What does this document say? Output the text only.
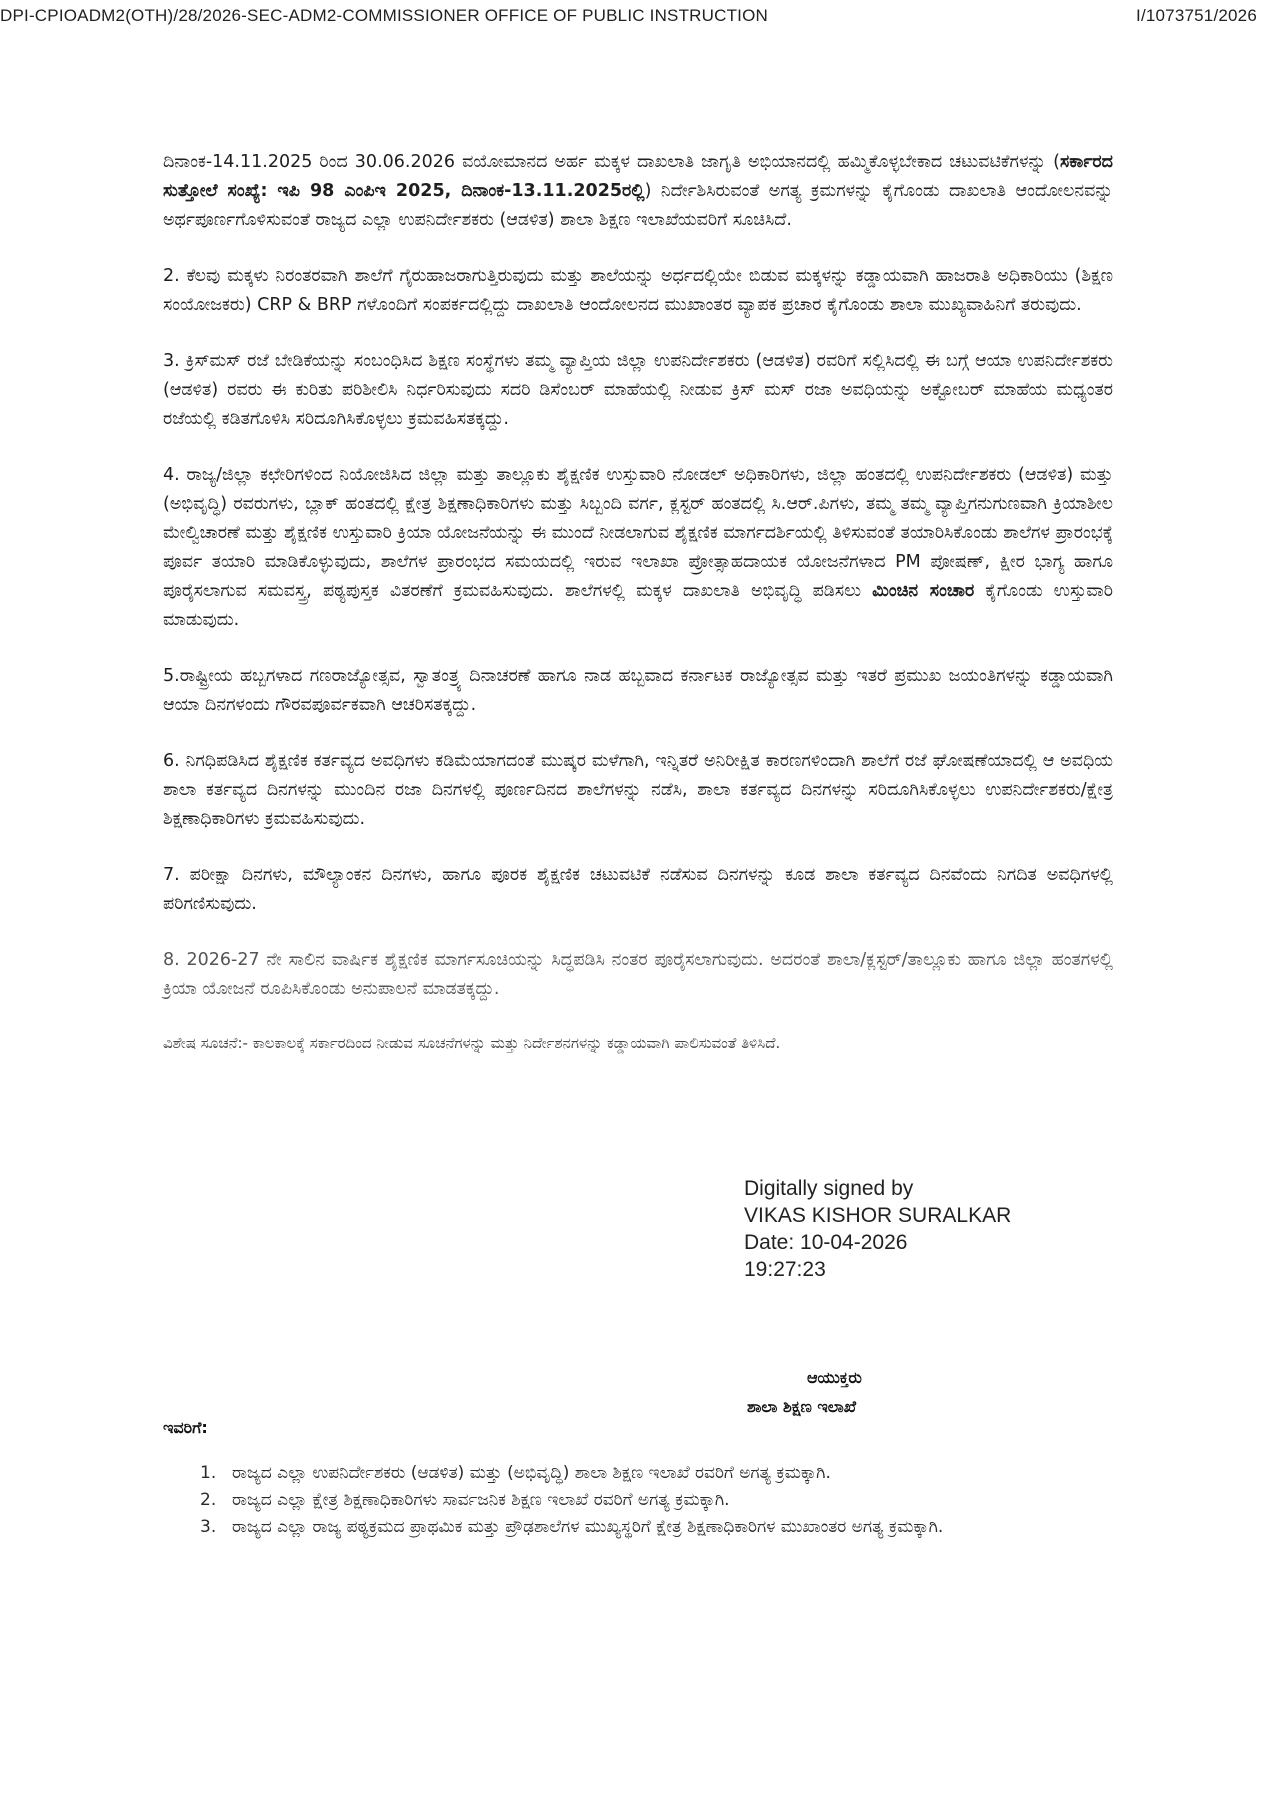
DPI-CPIOADM2(OTH)/28/2026-SEC-ADM2-COMMISSIONER OFFICE OF PUBLIC INSTRUCTION	I/1073751/2026

ದಿನಾಂಕ-14.11.2025 ರಿಂದ 30.06.2026 ವಯೋಮಾನದ ಅರ್ಹ ಮಕ್ಕಳ ದಾಖಲಾತಿ ಜಾಗೃತಿ ಅಭಿಯಾನದಲ್ಲಿ ಹಮ್ಮಿಕೊಳ್ಳಬೇಕಾದ ಚಟುವಟಿಕೆಗಳನ್ನು (ಸರ್ಕಾರದ ಸುತ್ತೋಲೆ ಸಂಖ್ಯೆ: ಇಪಿ 98 ಎಂಪಿಇ 2025, ದಿನಾಂಕ-13.11.2025ರಲ್ಲಿ) ನಿರ್ದೇಶಿಸಿರುವಂತೆ ಅಗತ್ಯ ಕ್ರಮಗಳನ್ನು ಕೈಗೊಂಡು ದಾಖಲಾತಿ ಆಂದೋಲನವನ್ನು ಅರ್ಥಪೂರ್ಣಗೊಳಿಸುವಂತೆ ರಾಜ್ಯದ ಎಲ್ಲಾ ಉಪನಿರ್ದೇಶಕರು (ಆಡಳಿತ) ಶಾಲಾ ಶಿಕ್ಷಣ ಇಲಾಖೆಯವರಿಗೆ ಸೂಚಿಸಿದೆ.

2. ಕೆಲವು ಮಕ್ಕಳು ನಿರಂತರವಾಗಿ ಶಾಲೆಗೆ ಗೈರುಹಾಜರಾಗುತ್ತಿರುವುದು ಮತ್ತು ಶಾಲೆಯನ್ನು ಅರ್ಧದಲ್ಲಿಯೇ ಬಿಡುವ ಮಕ್ಕಳನ್ನು ಕಡ್ಡಾಯವಾಗಿ ಹಾಜರಾತಿ ಅಧಿಕಾರಿಯು (ಶಿಕ್ಷಣ ಸಂಯೋಜಕರು) CRP & BRP ಗಳೊಂದಿಗೆ ಸಂಪರ್ಕದಲ್ಲಿದ್ದು ದಾಖಲಾತಿ ಆಂದೋಲನದ ಮುಖಾಂತರ ವ್ಯಾಪಕ ಪ್ರಚಾರ ಕೈಗೊಂಡು ಶಾಲಾ ಮುಖ್ಯವಾಹಿನಿಗೆ ತರುವುದು.

3. ಕ್ರಿಸ್‌ಮಸ್ ರಜೆ ಬೇಡಿಕೆಯನ್ನು ಸಂಬಂಧಿಸಿದ ಶಿಕ್ಷಣ ಸಂಸ್ಥೆಗಳು ತಮ್ಮ ವ್ಯಾಪ್ತಿಯ ಜಿಲ್ಲಾ ಉಪನಿರ್ದೇಶಕರು (ಆಡಳಿತ) ರವರಿಗೆ ಸಲ್ಲಿಸಿದಲ್ಲಿ ಈ ಬಗ್ಗೆ ಆಯಾ ಉಪನಿರ್ದೇಶಕರು (ಆಡಳಿತ) ರವರು ಈ ಕುರಿತು ಪರಿಶೀಲಿಸಿ ನಿರ್ಧರಿಸುವುದು ಸದರಿ ಡಿಸೆಂಬರ್ ಮಾಹೆಯಲ್ಲಿ ನೀಡುವ ಕ್ರಿಸ್ ಮಸ್ ರಜಾ ಅವಧಿಯನ್ನು ಅಕ್ಟೋಬರ್ ಮಾಹೆಯ ಮಧ್ಯಂತರ ರಜೆಯಲ್ಲಿ ಕಡಿತಗೊಳಿಸಿ ಸರಿದೂಗಿಸಿಕೊಳ್ಳಲು ಕ್ರಮವಹಿಸತಕ್ಕದ್ದು.

4. ರಾಜ್ಯ/ಜಿಲ್ಲಾ ಕಛೇರಿಗಳಿಂದ ನಿಯೋಜಿಸಿದ ಜಿಲ್ಲಾ ಮತ್ತು ತಾಲ್ಲೂಕು ಶೈಕ್ಷಣಿಕ ಉಸ್ತುವಾರಿ ನೋಡಲ್ ಅಧಿಕಾರಿಗಳು, ಜಿಲ್ಲಾ ಹಂತದಲ್ಲಿ ಉಪನಿರ್ದೇಶಕರು (ಆಡಳಿತ) ಮತ್ತು (ಅಭಿವೃದ್ಧಿ) ರವರುಗಳು, ಬ್ಲಾಕ್ ಹಂತದಲ್ಲಿ ಕ್ಷೇತ್ರ ಶಿಕ್ಷಣಾಧಿಕಾರಿಗಳು ಮತ್ತು ಸಿಬ್ಬಂದಿ ವರ್ಗ, ಕ್ಲಸ್ಟರ್ ಹಂತದಲ್ಲಿ ಸಿ.ಆರ್.ಪಿಗಳು, ತಮ್ಮ ತಮ್ಮ ವ್ಯಾಪ್ತಿಗನುಗುಣವಾಗಿ ಕ್ರಿಯಾಶೀಲ ಮೇಲ್ವಿಚಾರಣೆ ಮತ್ತು ಶೈಕ್ಷಣಿಕ ಉಸ್ತುವಾರಿ ಕ್ರಿಯಾ ಯೋಜನೆಯನ್ನು ಈ ಮುಂದೆ ನೀಡಲಾಗುವ ಶೈಕ್ಷಣಿಕ ಮಾರ್ಗದರ್ಶಿಯಲ್ಲಿ ತಿಳಿಸುವಂತೆ ತಯಾರಿಸಿಕೊಂಡು ಶಾಲೆಗಳ ಪ್ರಾರಂಭಕ್ಕೆ ಪೂರ್ವ ತಯಾರಿ ಮಾಡಿಕೊಳ್ಳುವುದು, ಶಾಲೆಗಳ ಪ್ರಾರಂಭದ ಸಮಯದಲ್ಲಿ ಇರುವ ಇಲಾಖಾ ಪ್ರೋತ್ಸಾಹದಾಯಕ ಯೋಜನೆಗಳಾದ PM ಪೋಷಣ್, ಕ್ಷೀರ ಭಾಗ್ಯ ಹಾಗೂ ಪೂರೈಸಲಾಗುವ ಸಮವಸ್ತ್ರ, ಪಠ್ಯಪುಸ್ತಕ ವಿತರಣೆಗೆ ಕ್ರಮವಹಿಸುವುದು. ಶಾಲೆಗಳಲ್ಲಿ ಮಕ್ಕಳ ದಾಖಲಾತಿ ಅಭಿವೃದ್ಧಿ ಪಡಿಸಲು ಮಿಂಚಿನ ಸಂಚಾರ ಕೈಗೊಂಡು ಉಸ್ತುವಾರಿ ಮಾಡುವುದು.

5.ರಾಷ್ಟ್ರೀಯ ಹಬ್ಬಗಳಾದ ಗಣರಾಜ್ಯೋತ್ಸವ, ಸ್ವಾತಂತ್ರ್ಯ ದಿನಾಚರಣೆ ಹಾಗೂ ನಾಡ ಹಬ್ಬವಾದ ಕರ್ನಾಟಕ ರಾಜ್ಯೋತ್ಸವ ಮತ್ತು ಇತರೆ ಪ್ರಮುಖ ಜಯಂತಿಗಳನ್ನು ಕಡ್ಡಾಯವಾಗಿ ಆಯಾ ದಿನಗಳಂದು ಗೌರವಪೂರ್ವಕವಾಗಿ ಆಚರಿಸತಕ್ಕದ್ದು.

6. ನಿಗಧಿಪಡಿಸಿದ ಶೈಕ್ಷಣಿಕ ಕರ್ತವ್ಯದ ಅವಧಿಗಳು ಕಡಿಮೆಯಾಗದಂತೆ ಮುಷ್ಕರ ಮಳೆಗಾಗಿ, ಇನ್ನಿತರೆ ಅನಿರೀಕ್ಷಿತ ಕಾರಣಗಳಿಂದಾಗಿ ಶಾಲೆಗೆ ರಜೆ ಘೋಷಣೆಯಾದಲ್ಲಿ ಆ ಅವಧಿಯ ಶಾಲಾ ಕರ್ತವ್ಯದ ದಿನಗಳನ್ನು ಮುಂದಿನ ರಜಾ ದಿನಗಳಲ್ಲಿ ಪೂರ್ಣದಿನದ ಶಾಲೆಗಳನ್ನು ನಡೆಸಿ, ಶಾಲಾ ಕರ್ತವ್ಯದ ದಿನಗಳನ್ನು ಸರಿದೂಗಿಸಿಕೊಳ್ಳಲು ಉಪನಿರ್ದೇಶಕರು/ಕ್ಷೇತ್ರ ಶಿಕ್ಷಣಾಧಿಕಾರಿಗಳು ಕ್ರಮವಹಿಸುವುದು.

7. ಪರೀಕ್ಷಾ ದಿನಗಳು, ಮೌಲ್ಯಾಂಕನ ದಿನಗಳು, ಹಾಗೂ ಪೂರಕ ಶೈಕ್ಷಣಿಕ ಚಟುವಟಿಕೆ ನಡೆಸುವ ದಿನಗಳನ್ನು ಕೂಡ ಶಾಲಾ ಕರ್ತವ್ಯದ ದಿನವೆಂದು ನಿಗದಿತ ಅವಧಿಗಳಲ್ಲಿ ಪರಿಗಣಿಸುವುದು.

8. 2026-27 ನೇ ಸಾಲಿನ ವಾರ್ಷಿಕ ಶೈಕ್ಷಣಿಕ ಮಾರ್ಗಸೂಚಿಯನ್ನು ಸಿದ್ಧಪಡಿಸಿ ನಂತರ ಪೂರೈಸಲಾಗುವುದು. ಅದರಂತೆ ಶಾಲಾ/ಕ್ಲಸ್ಟರ್/ತಾಲ್ಲೂಕು ಹಾಗೂ ಜಿಲ್ಲಾ ಹಂತಗಳಲ್ಲಿ ಕ್ರಿಯಾ ಯೋಜನೆ ರೂಪಿಸಿಕೊಂಡು ಅನುಪಾಲನೆ ಮಾಡತಕ್ಕದ್ದು.

ವಿಶೇಷ ಸೂಚನೆ:- ಕಾಲಕಾಲಕ್ಕೆ ಸರ್ಕಾರದಿಂದ ನೀಡುವ ಸೂಚನೆಗಳನ್ನು ಮತ್ತು ನಿರ್ದೇಶನಗಳನ್ನು ಕಡ್ಡಾಯವಾಗಿ ಪಾಲಿಸುವಂತೆ ತಿಳಿಸಿದೆ.
Digitally signed by
VIKAS KISHOR SURALKAR
Date: 10-04-2026
19:27:23
ಆಯುಕ್ತರು
ಶಾಲಾ ಶಿಕ್ಷಣ ಇಲಾಖೆ
ಇವರಿಗೆ:
1. ರಾಜ್ಯದ ಎಲ್ಲಾ ಉಪನಿರ್ದೇಶಕರು (ಆಡಳಿತ) ಮತ್ತು (ಅಭಿವೃದ್ಧಿ) ಶಾಲಾ ಶಿಕ್ಷಣ ಇಲಾಖೆ ರವರಿಗೆ ಅಗತ್ಯ ಕ್ರಮಕ್ಕಾಗಿ.
2. ರಾಜ್ಯದ ಎಲ್ಲಾ ಕ್ಷೇತ್ರ ಶಿಕ್ಷಣಾಧಿಕಾರಿಗಳು ಸಾರ್ವಜನಿಕ ಶಿಕ್ಷಣ ಇಲಾಖೆ ರವರಿಗೆ ಅಗತ್ಯ ಕ್ರಮಕ್ಕಾಗಿ.
3. ರಾಜ್ಯದ ಎಲ್ಲಾ ರಾಜ್ಯ ಪಠ್ಯಕ್ರಮದ ಪ್ರಾಥಮಿಕ ಮತ್ತು ಪ್ರೌಢಶಾಲೆಗಳ ಮುಖ್ಯಸ್ಥರಿಗೆ ಕ್ಷೇತ್ರ ಶಿಕ್ಷಣಾಧಿಕಾರಿಗಳ ಮುಖಾಂತರ ಅಗತ್ಯ ಕ್ರಮಕ್ಕಾಗಿ.
